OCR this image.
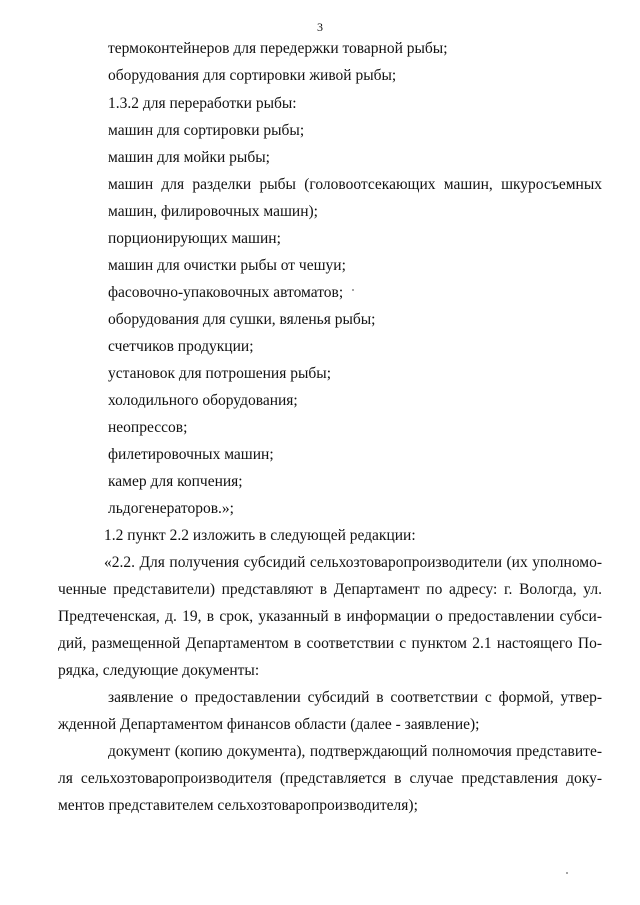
3
термоконтейнеров для передержки товарной рыбы;
оборудования для сортировки живой рыбы;
1.3.2 для переработки рыбы:
машин для сортировки рыбы;
машин для мойки рыбы;
машин для разделки рыбы (головоотсекающих машин, шкуросъемных
машин, филировочных машин);
порционирующих машин;
машин для очистки рыбы от чешуи;
фасовочно-упаковочных автоматов;
оборудования для сушки, вяленья рыбы;
счетчиков продукции;
установок для потрошения рыбы;
холодильного оборудования;
неопрессов;
филетировочных машин;
камер для копчения;
льдогенераторов.»;
1.2 пункт 2.2 изложить в следующей редакции:
«2.2. Для получения субсидий сельхозтоваропроизводители (их уполномо-
ченные представители) представляют в Департамент по адресу: г. Вологда, ул.
Предтеченская, д. 19, в срок, указанный в информации о предоставлении субси-
дий, размещенной Департаментом в соответствии с пунктом 2.1 настоящего По-
рядка, следующие документы:
заявление о предоставлении субсидий в соответствии с формой, утвер-
жденной Департаментом финансов области (далее - заявление);
документ (копию документа), подтверждающий полномочия представите-
ля сельхозтоваропроизводителя (представляется в случае представления доку-
ментов представителем сельхозтоваропроизводителя);
